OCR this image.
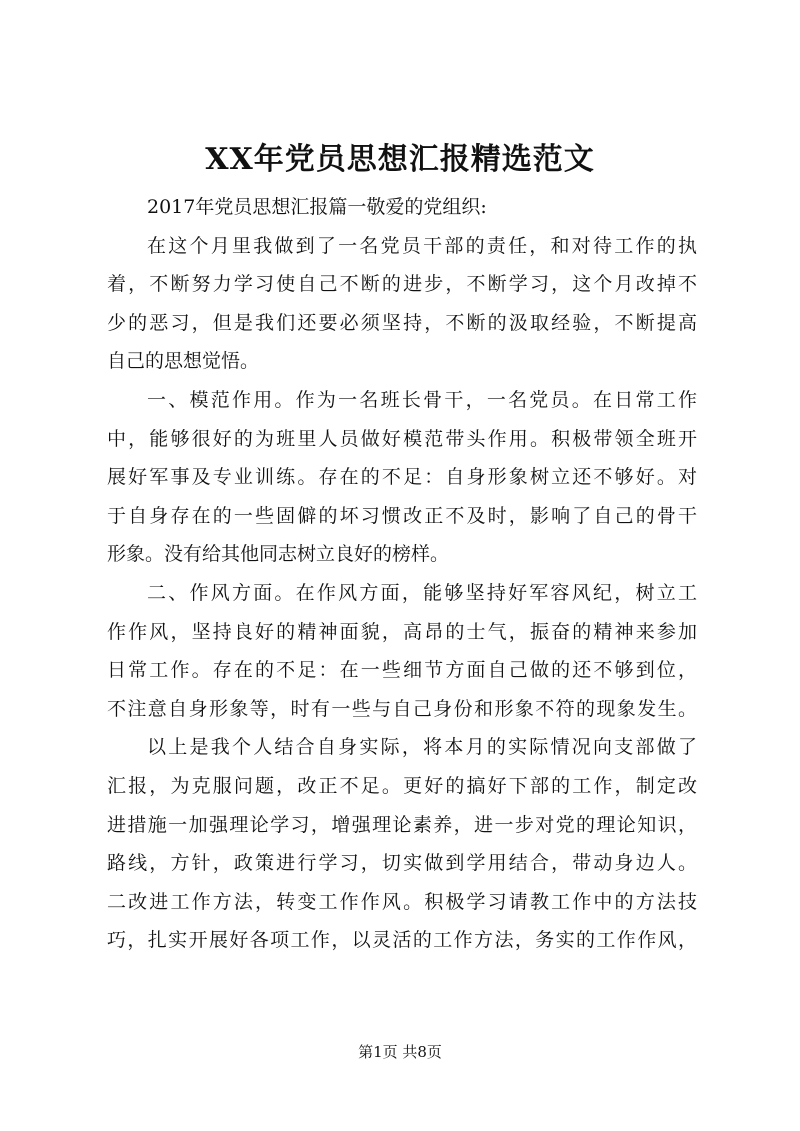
XX年党员思想汇报精选范文
2017年党员思想汇报篇一敬爱的党组织:
在这个月里我做到了一名党员干部的责任，和对待工作的执
着，不断努力学习使自己不断的进步，不断学习，这个月改掉不
少的恶习，但是我们还要必须坚持，不断的汲取经验，不断提高
自己的思想觉悟。
一、模范作用。作为一名班长骨干，一名党员。在日常工作
中，能够很好的为班里人员做好模范带头作用。积极带领全班开
展好军事及专业训练。存在的不足：自身形象树立还不够好。对
于自身存在的一些固僻的坏习惯改正不及时，影响了自己的骨干
形象。没有给其他同志树立良好的榜样。
二、作风方面。在作风方面，能够坚持好军容风纪，树立工
作作风，坚持良好的精神面貌，高昂的士气，振奋的精神来参加
日常工作。存在的不足：在一些细节方面自己做的还不够到位，
不注意自身形象等，时有一些与自己身份和形象不符的现象发生。
以上是我个人结合自身实际，将本月的实际情况向支部做了
汇报，为克服问题，改正不足。更好的搞好下部的工作，制定改
进措施一加强理论学习，增强理论素养，进一步对党的理论知识，
路线，方针，政策进行学习，切实做到学用结合，带动身边人。
二改进工作方法，转变工作作风。积极学习请教工作中的方法技
巧，扎实开展好各项工作，以灵活的工作方法，务实的工作作风，
第1页 共8页
